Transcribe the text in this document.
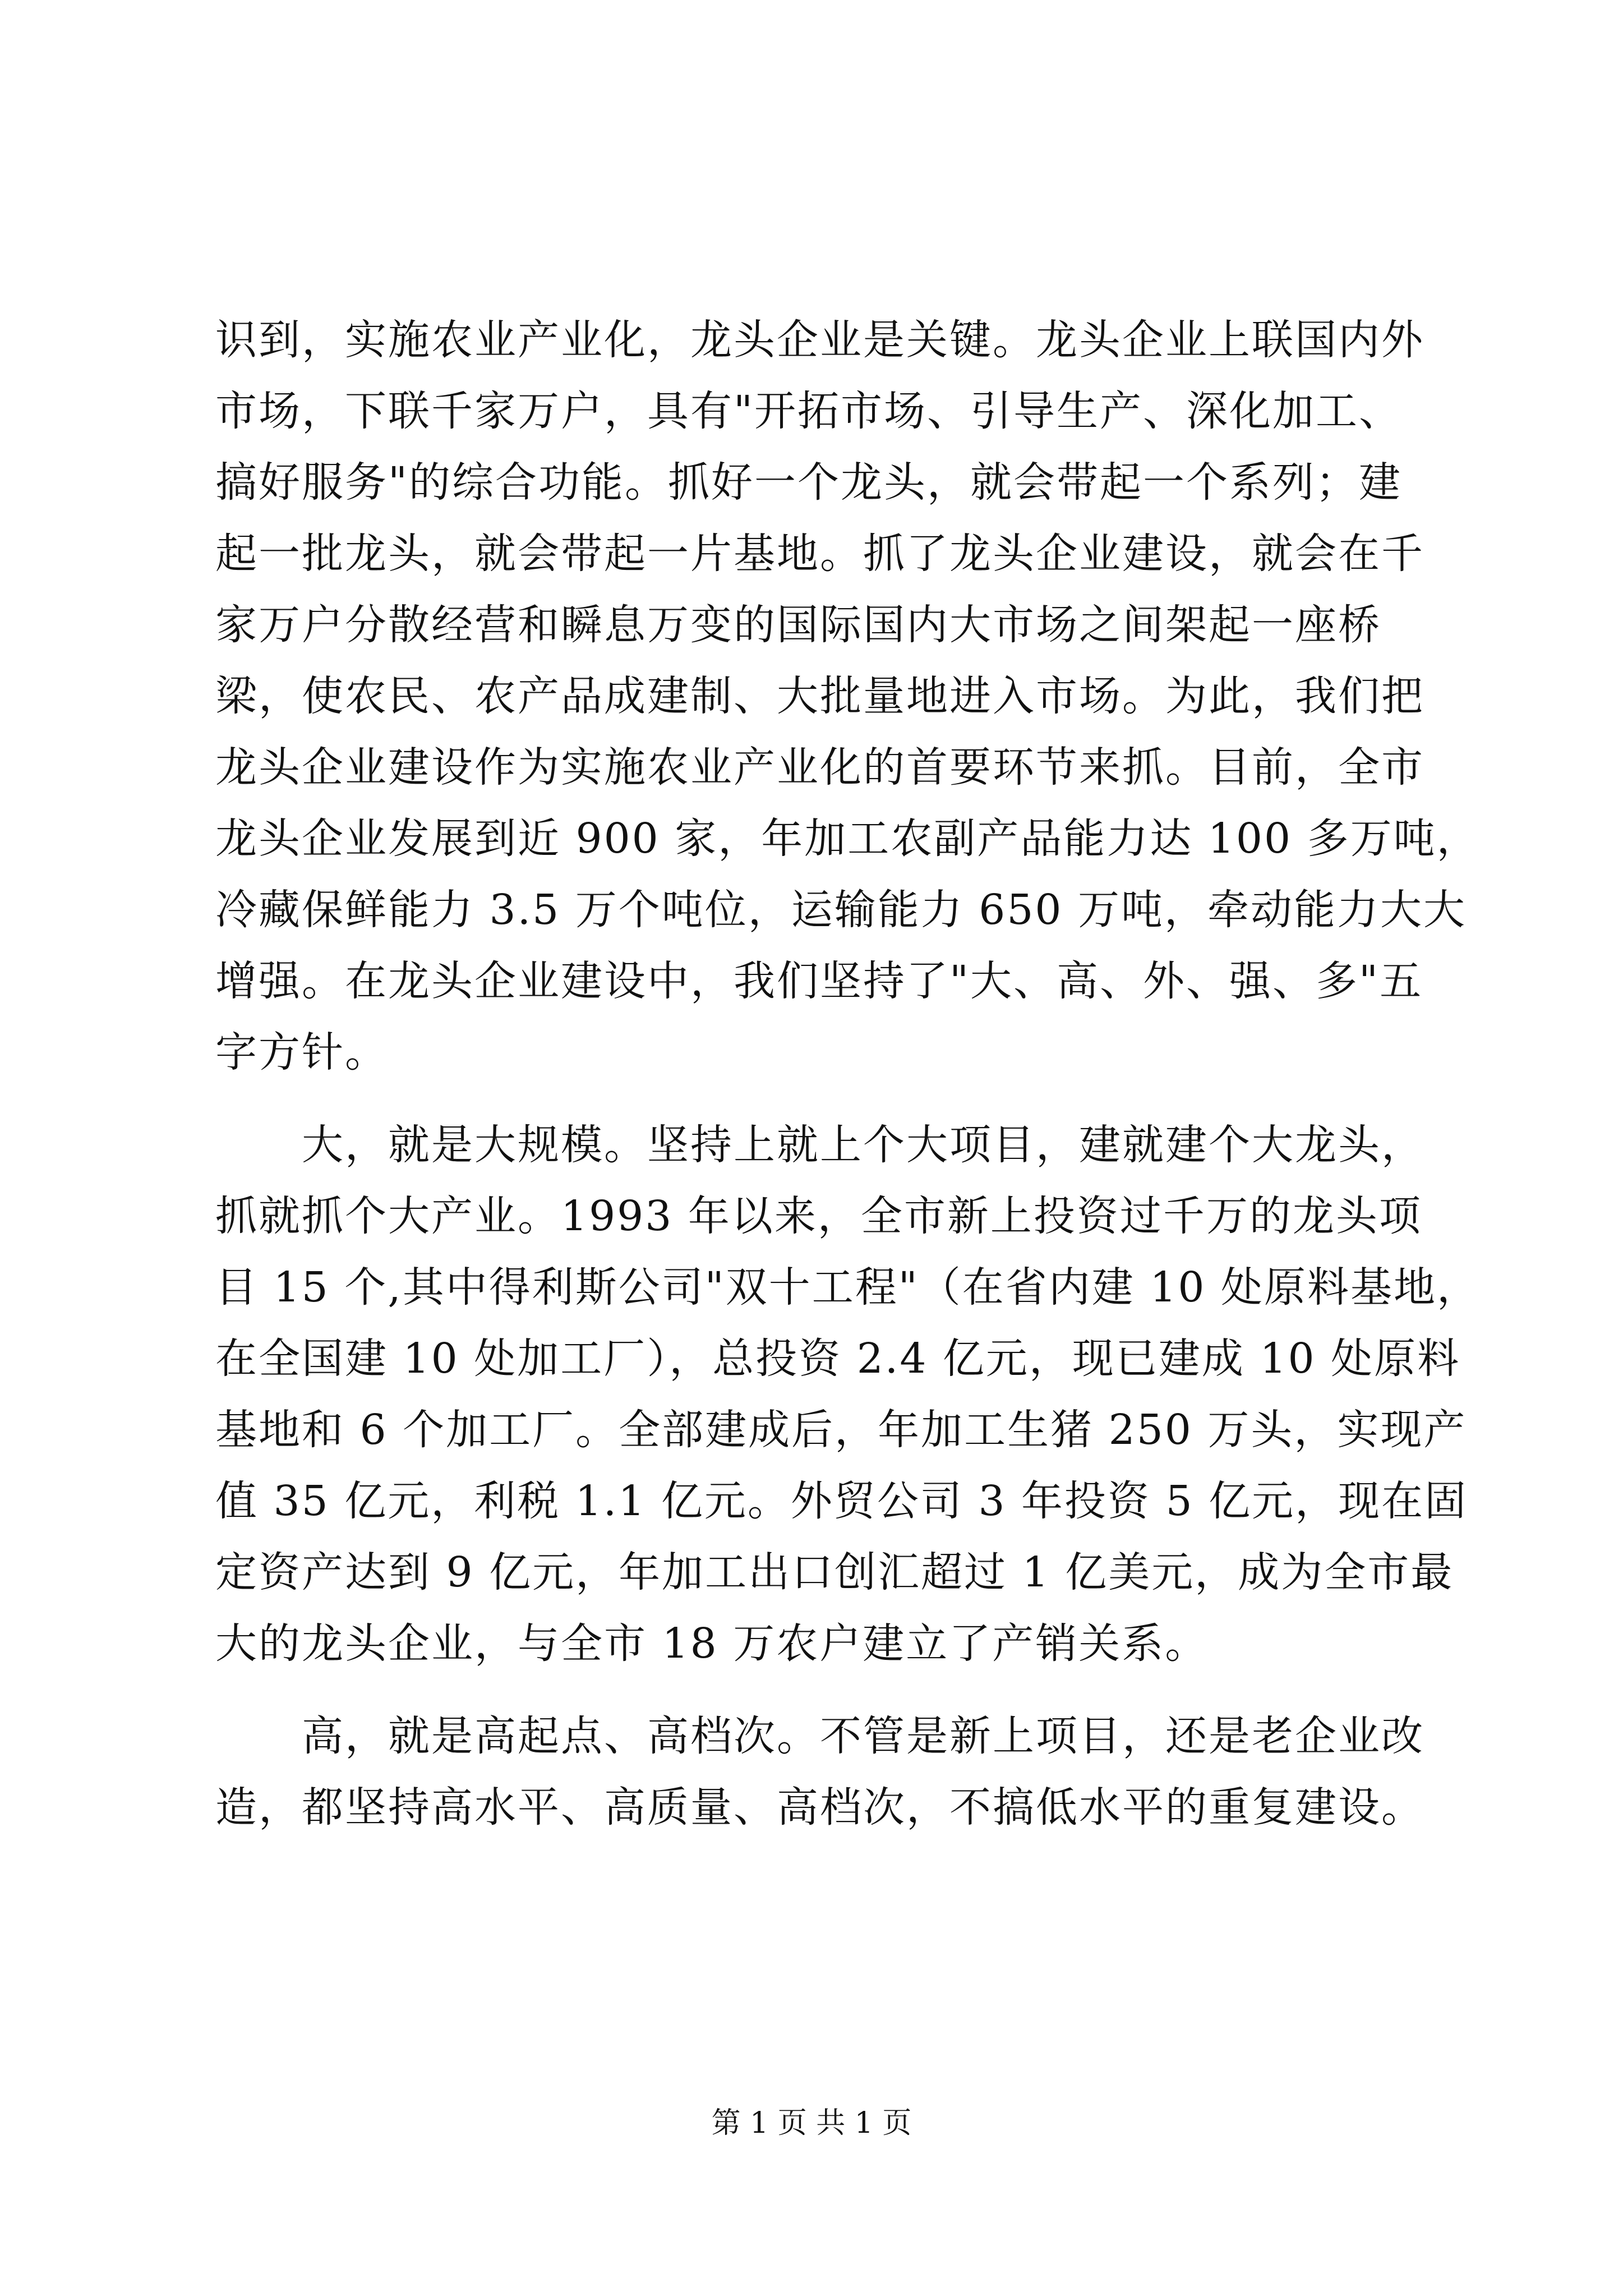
识到，实施农业产业化，龙头企业是关键。龙头企业上联国内外
市场，下联千家万户，具有"开拓市场、引导生产、深化加工、
搞好服务"的综合功能。抓好一个龙头，就会带起一个系列；建
起一批龙头，就会带起一片基地。抓了龙头企业建设，就会在千
家万户分散经营和瞬息万变的国际国内大市场之间架起一座桥
梁，使农民、农产品成建制、大批量地进入市场。为此，我们把
龙头企业建设作为实施农业产业化的首要环节来抓。目前，全市
龙头企业发展到近 900 家，年加工农副产品能力达 100 多万吨，
冷藏保鲜能力 3.5 万个吨位，运输能力 650 万吨，牵动能力大大
增强。在龙头企业建设中，我们坚持了"大、高、外、强、多"五
字方针。
　　大，就是大规模。坚持上就上个大项目，建就建个大龙头，
抓就抓个大产业。1993 年以来，全市新上投资过千万的龙头项
目 15 个,其中得利斯公司"双十工程"（在省内建 10 处原料基地，
在全国建 10 处加工厂），总投资 2.4 亿元，现已建成 10 处原料
基地和 6 个加工厂。全部建成后，年加工生猪 250 万头，实现产
值 35 亿元，利税 1.1 亿元。外贸公司 3 年投资 5 亿元，现在固
定资产达到 9 亿元，年加工出口创汇超过 1 亿美元，成为全市最
大的龙头企业，与全市 18 万农户建立了产销关系。
　　高，就是高起点、高档次。不管是新上项目，还是老企业改
造，都坚持高水平、高质量、高档次，不搞低水平的重复建设。
第 1 页 共 1 页
